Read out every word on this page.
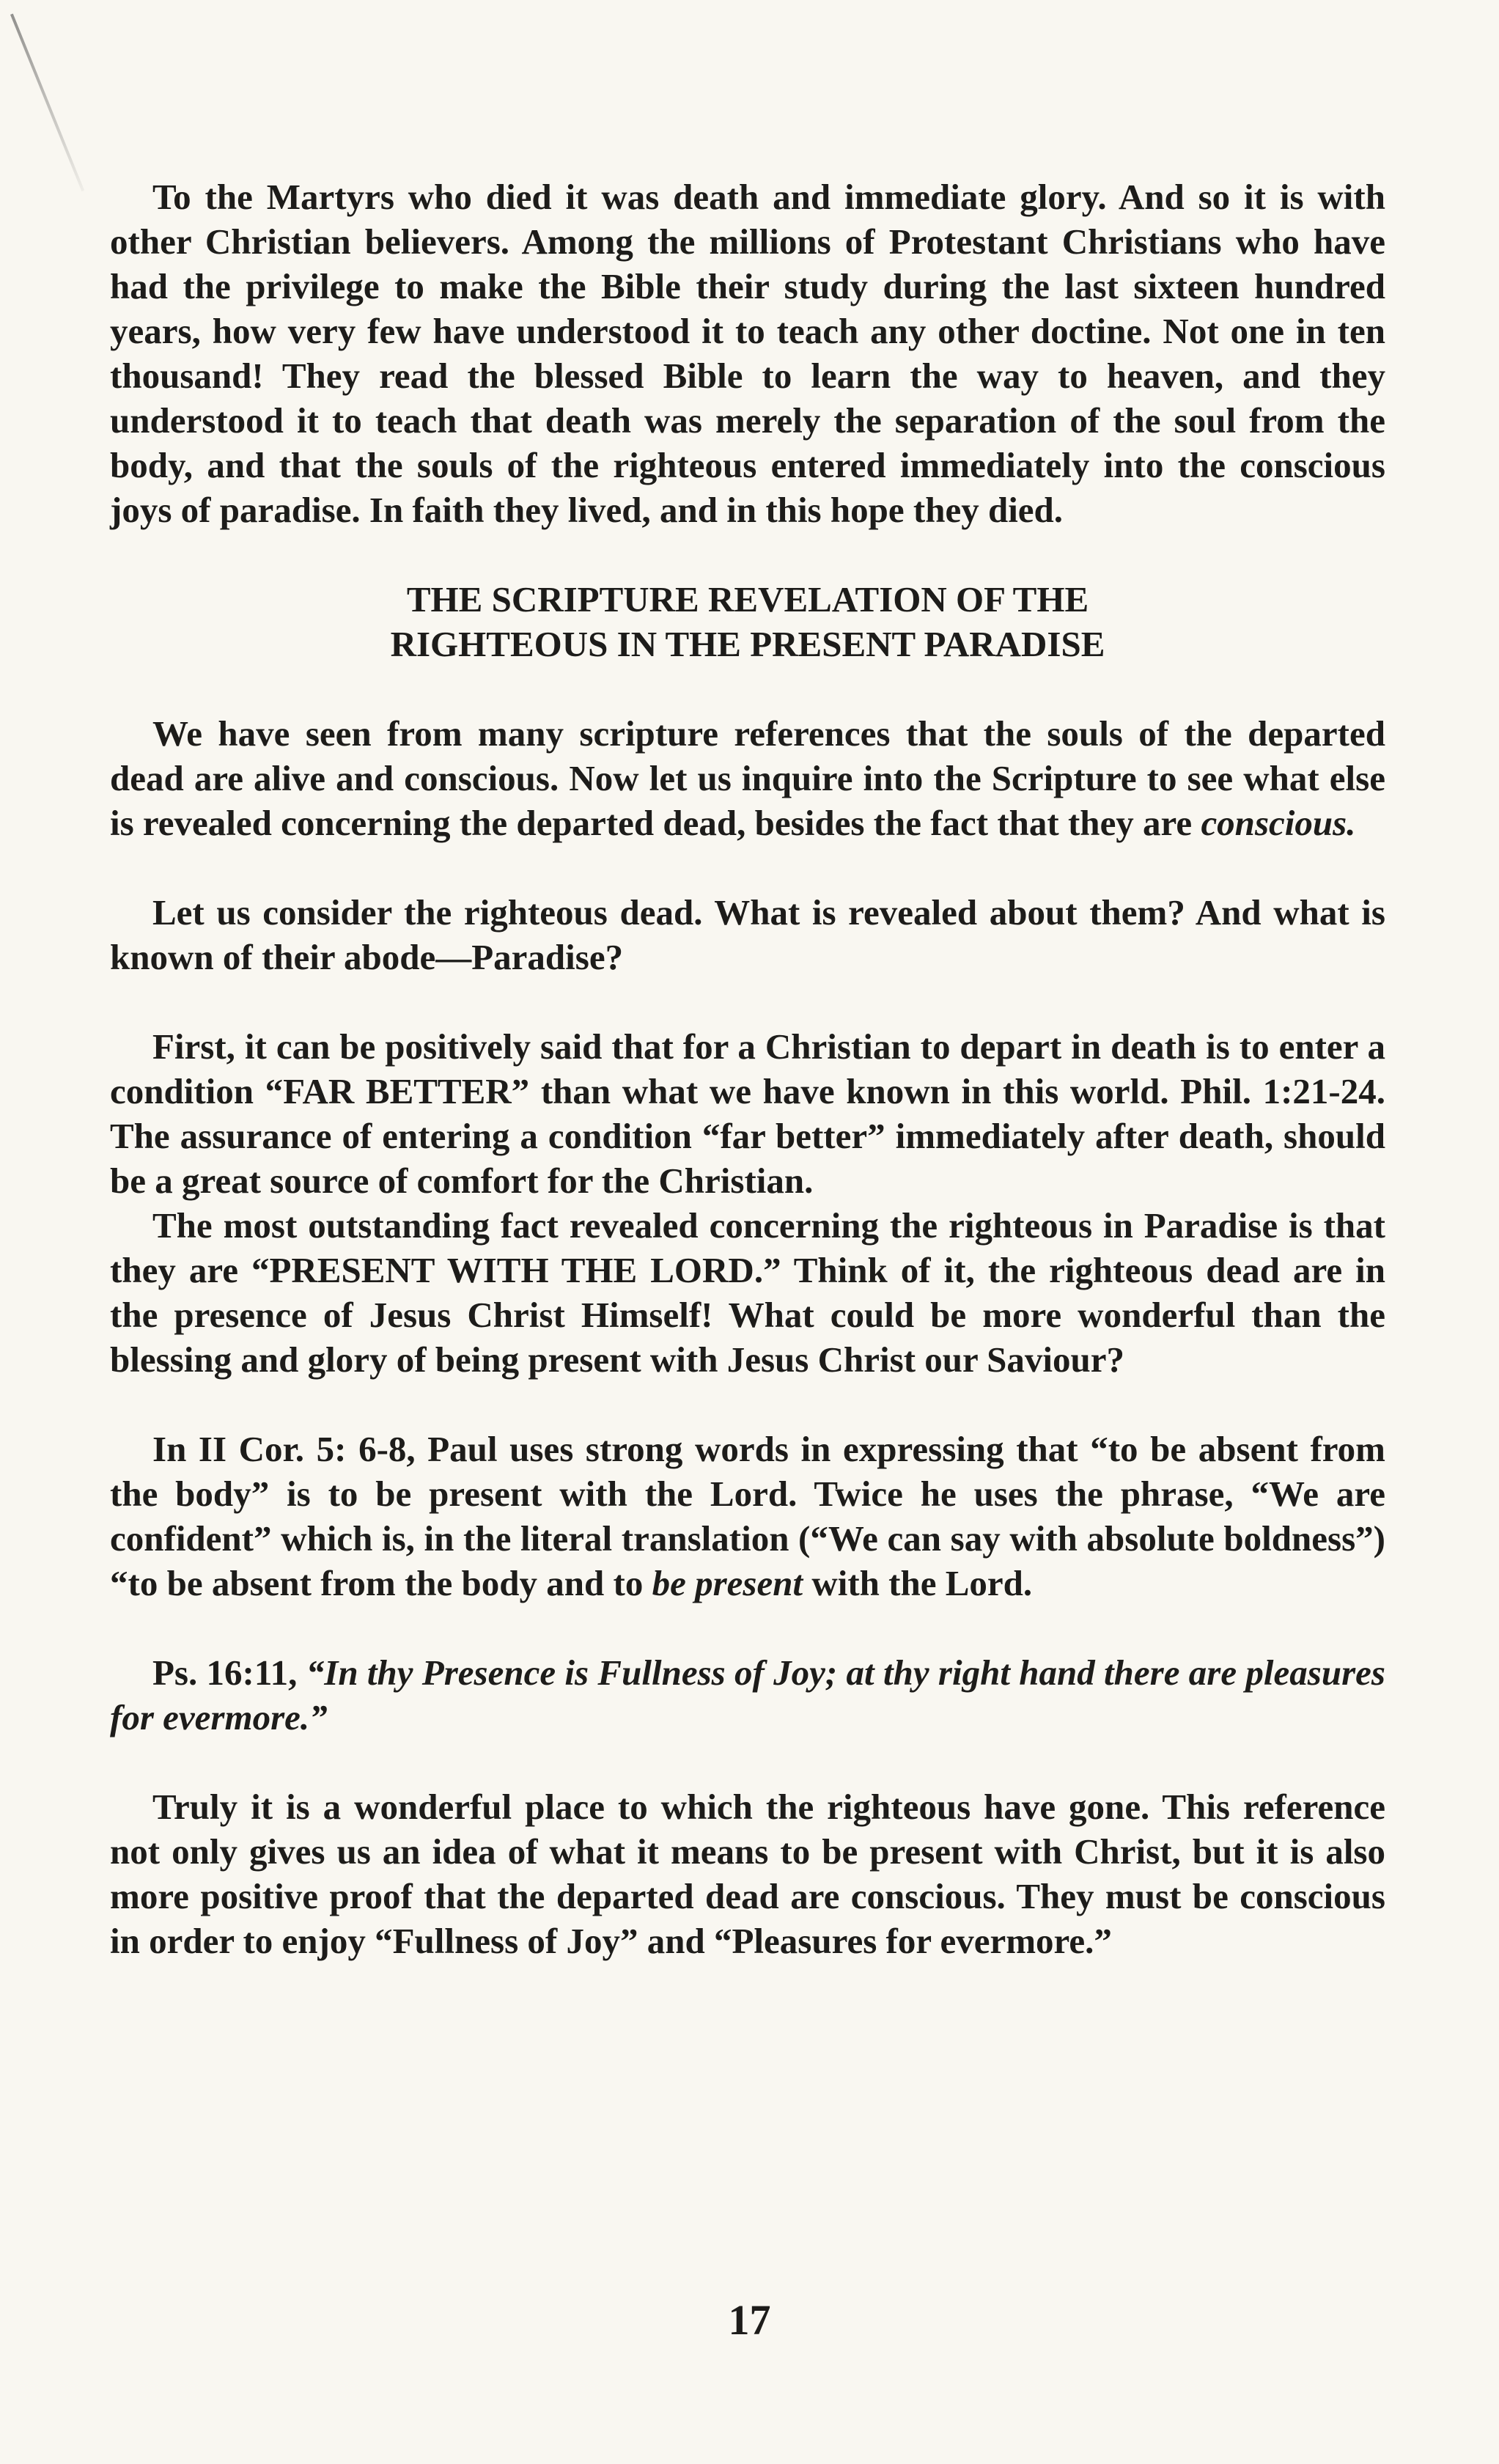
To the Martyrs who died it was death and immediate glory. And so it is with other Christian believers. Among the millions of Protestant Christians who have had the privilege to make the Bible their study during the last sixteen hundred years, how very few have understood it to teach any other doctine. Not one in ten thousand! They read the blessed Bible to learn the way to heaven, and they understood it to teach that death was merely the separation of the soul from the body, and that the souls of the righteous entered immediately into the conscious joys of paradise. In faith they lived, and in this hope they died.

THE SCRIPTURE REVELATION OF THE
RIGHTEOUS IN THE PRESENT PARADISE

We have seen from many scripture references that the souls of the departed dead are alive and conscious. Now let us inquire into the Scripture to see what else is revealed concerning the departed dead, besides the fact that they are conscious.

Let us consider the righteous dead. What is revealed about them? And what is known of their abode—Paradise?

First, it can be positively said that for a Christian to depart in death is to enter a condition “FAR BETTER” than what we have known in this world. Phil. 1:21-24. The assurance of entering a condition “far better” immediately after death, should be a great source of comfort for the Christian.

The most outstanding fact revealed concerning the righteous in Paradise is that they are “PRESENT WITH THE LORD.” Think of it, the righteous dead are in the presence of Jesus Christ Himself! What could be more wonderful than the blessing and glory of being present with Jesus Christ our Saviour?

In II Cor. 5: 6-8, Paul uses strong words in expressing that “to be absent from the body” is to be present with the Lord. Twice he uses the phrase, “We are confident” which is, in the literal translation (“We can say with absolute boldness”) “to be absent from the body and to be present with the Lord.

Ps. 16:11, “In thy Presence is Fullness of Joy; at thy right hand there are pleasures for evermore.”

Truly it is a wonderful place to which the righteous have gone. This reference not only gives us an idea of what it means to be present with Christ, but it is also more positive proof that the departed dead are conscious. They must be conscious in order to enjoy “Fullness of Joy” and “Pleasures for evermore.”

17
